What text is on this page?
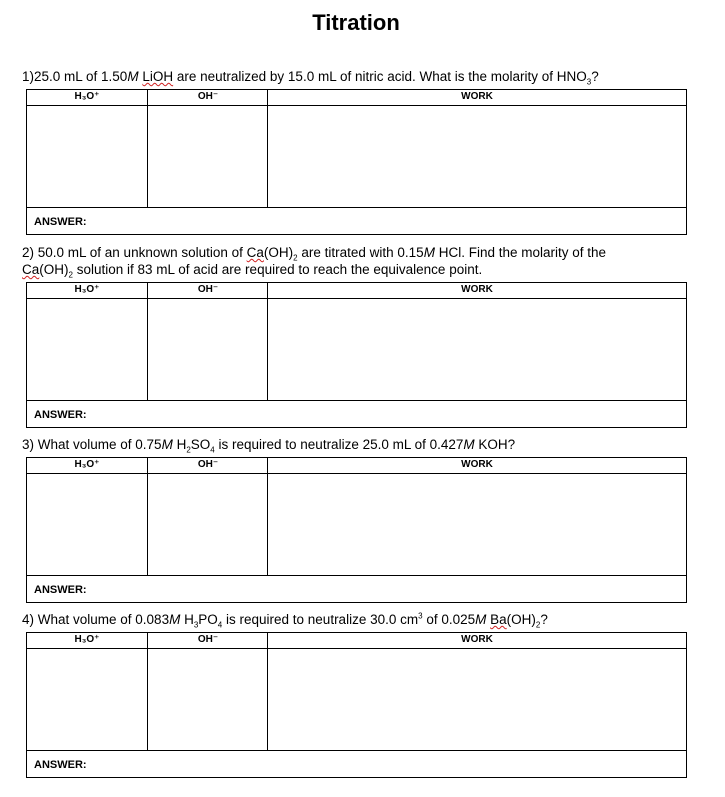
Titration
1)25.0 mL of 1.50M LiOH are neutralized by 15.0 mL of nitric acid. What is the molarity of $HNO_3$?
H₃O⁺	OH⁻	WORK
ANSWER:
2) 50.0 mL of an unknown solution of $Ca(OH)_2$ are titrated with 0.15M HCl. Find the molarity of the
$Ca(OH)_2$ solution if 83 mL of acid are required to reach the equivalence point.
H₃O⁺	OH⁻	WORK
ANSWER:
3) What volume of 0.75M $H_2SO_4$ is required to neutralize 25.0 mL of 0.427M KOH?
H₃O⁺	OH⁻	WORK
ANSWER:
4) What volume of 0.083M $H_3PO_4$ is required to neutralize 30.0 $cm^3$ of 0.025M $Ba(OH)_2$?
H₃O⁺	OH⁻	WORK
ANSWER:
